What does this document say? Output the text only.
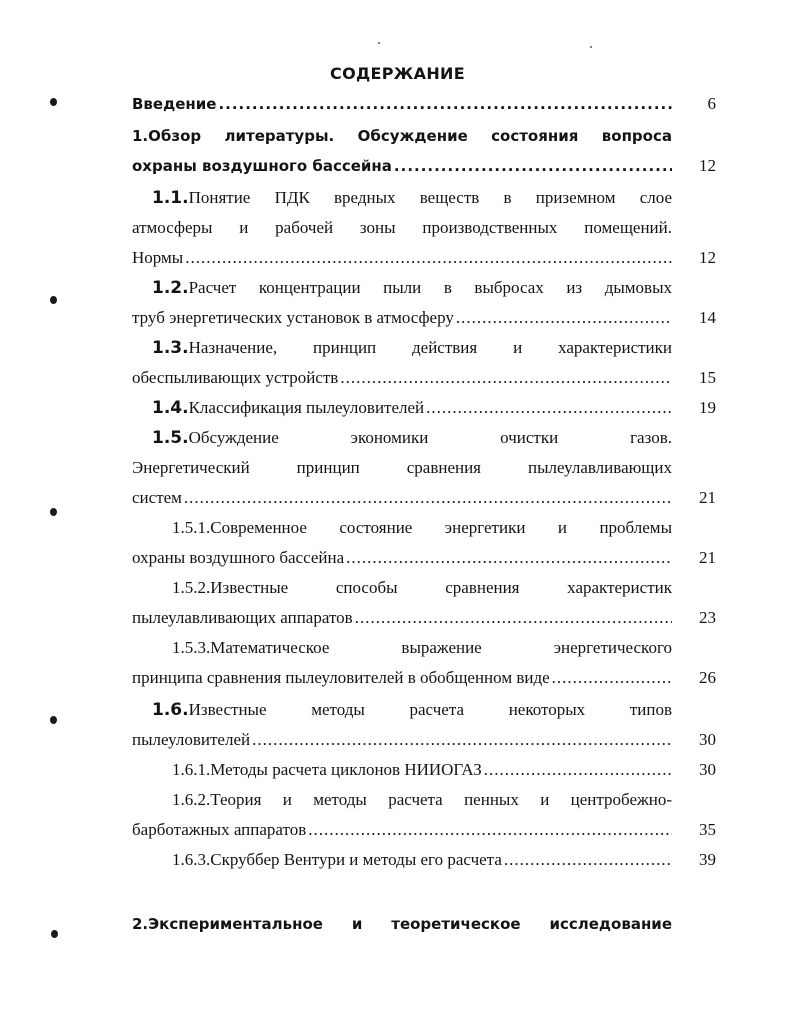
СОДЕРЖАНИЕ
Введение .....	6
1.Обзор литературы. Обсуждение состояния вопроса
охраны воздушного бассейна .....	12
1.1.Понятие ПДК вредных веществ в приземном слое
атмосферы и рабочей зоны производственных помещений.
Нормы .....	12
1.2.Расчет концентрации пыли в выбросах из дымовых
труб энергетических установок в атмосферу .....	14
1.3.Назначение, принцип действия и характеристики
обеспыливающих устройств .....	15
1.4.Классификация пылеуловителей .....	19
1.5.Обсуждение экономики очистки газов.
Энергетический принцип сравнения пылеулавливающих
систем .....	21
1.5.1.Современное состояние энергетики и проблемы
охраны воздушного бассейна .....	21
1.5.2.Известные способы сравнения характеристик
пылеулавливающих аппаратов .....	23
1.5.3.Математическое выражение энергетического
принципа сравнения пылеуловителей в обобщенном виде .....	26
1.6.Известные методы расчета некоторых типов
пылеуловителей .....	30
1.6.1.Методы расчета циклонов НИИОГАЗ .....	30
1.6.2.Теория и методы расчета пенных и центробежно-
барботажных аппаратов .....	35
1.6.3.Скруббер Вентури и методы его расчета .....	39
2.Экспериментальное и теоретическое исследование
